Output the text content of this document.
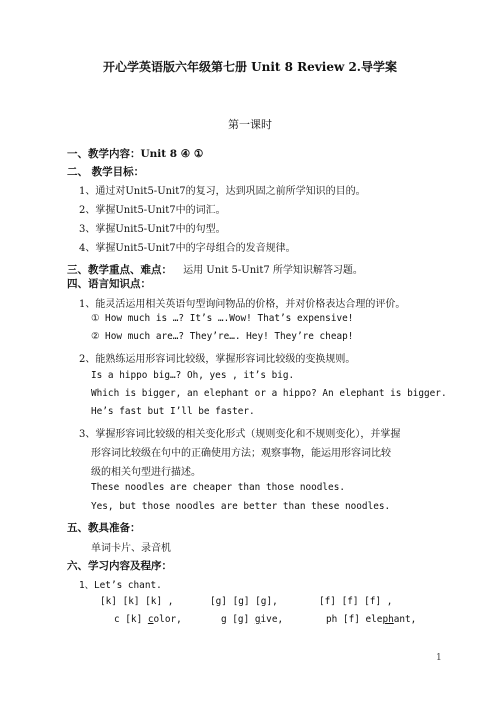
开心学英语版六年级第七册 Unit 8 Review 2.导学案
第一课时
一、教学内容：Unit 8 ④ ①
二、 教学目标：
1、通过对Unit5-Unit7的复习，达到巩固之前所学知识的目的。
2、掌握Unit5-Unit7中的词汇。
3、掌握Unit5-Unit7中的句型。
4、掌握Unit5-Unit7中的字母组合的发音规律。
三、教学重点、难点： 运用 Unit 5-Unit7 所学知识解答习题。
四、语言知识点：
1、能灵活运用相关英语句型询问物品的价格，并对价格表达合理的评价。
① How much is …? It’s ….Wow! That’s expensive!
② How much are…? They’re…. Hey! They’re cheap!
2、能熟练运用形容词比较级，掌握形容词比较级的变换规则。
Is a hippo big…? Oh, yes , it’s big.
Which is bigger, an elephant or a hippo? An elephant is bigger.
He’s fast but I’ll be faster.
3、掌握形容词比较级的相关变化形式（规则变化和不规则变化），并掌握
形容词比较级在句中的正确使用方法；观察事物，能运用形容词比较
级的相关句型进行描述。
These noodles are cheaper than those noodles.
Yes, but those noodles are better than these noodles.
五、教具准备：
单词卡片、录音机
六、学习内容及程序：
1、Let’s chant.
[k] [k] [k] ,	[g] [g] [g],	[f] [f] [f] ,
c [k] color,	g [g] give,	ph [f] elephant,
1
